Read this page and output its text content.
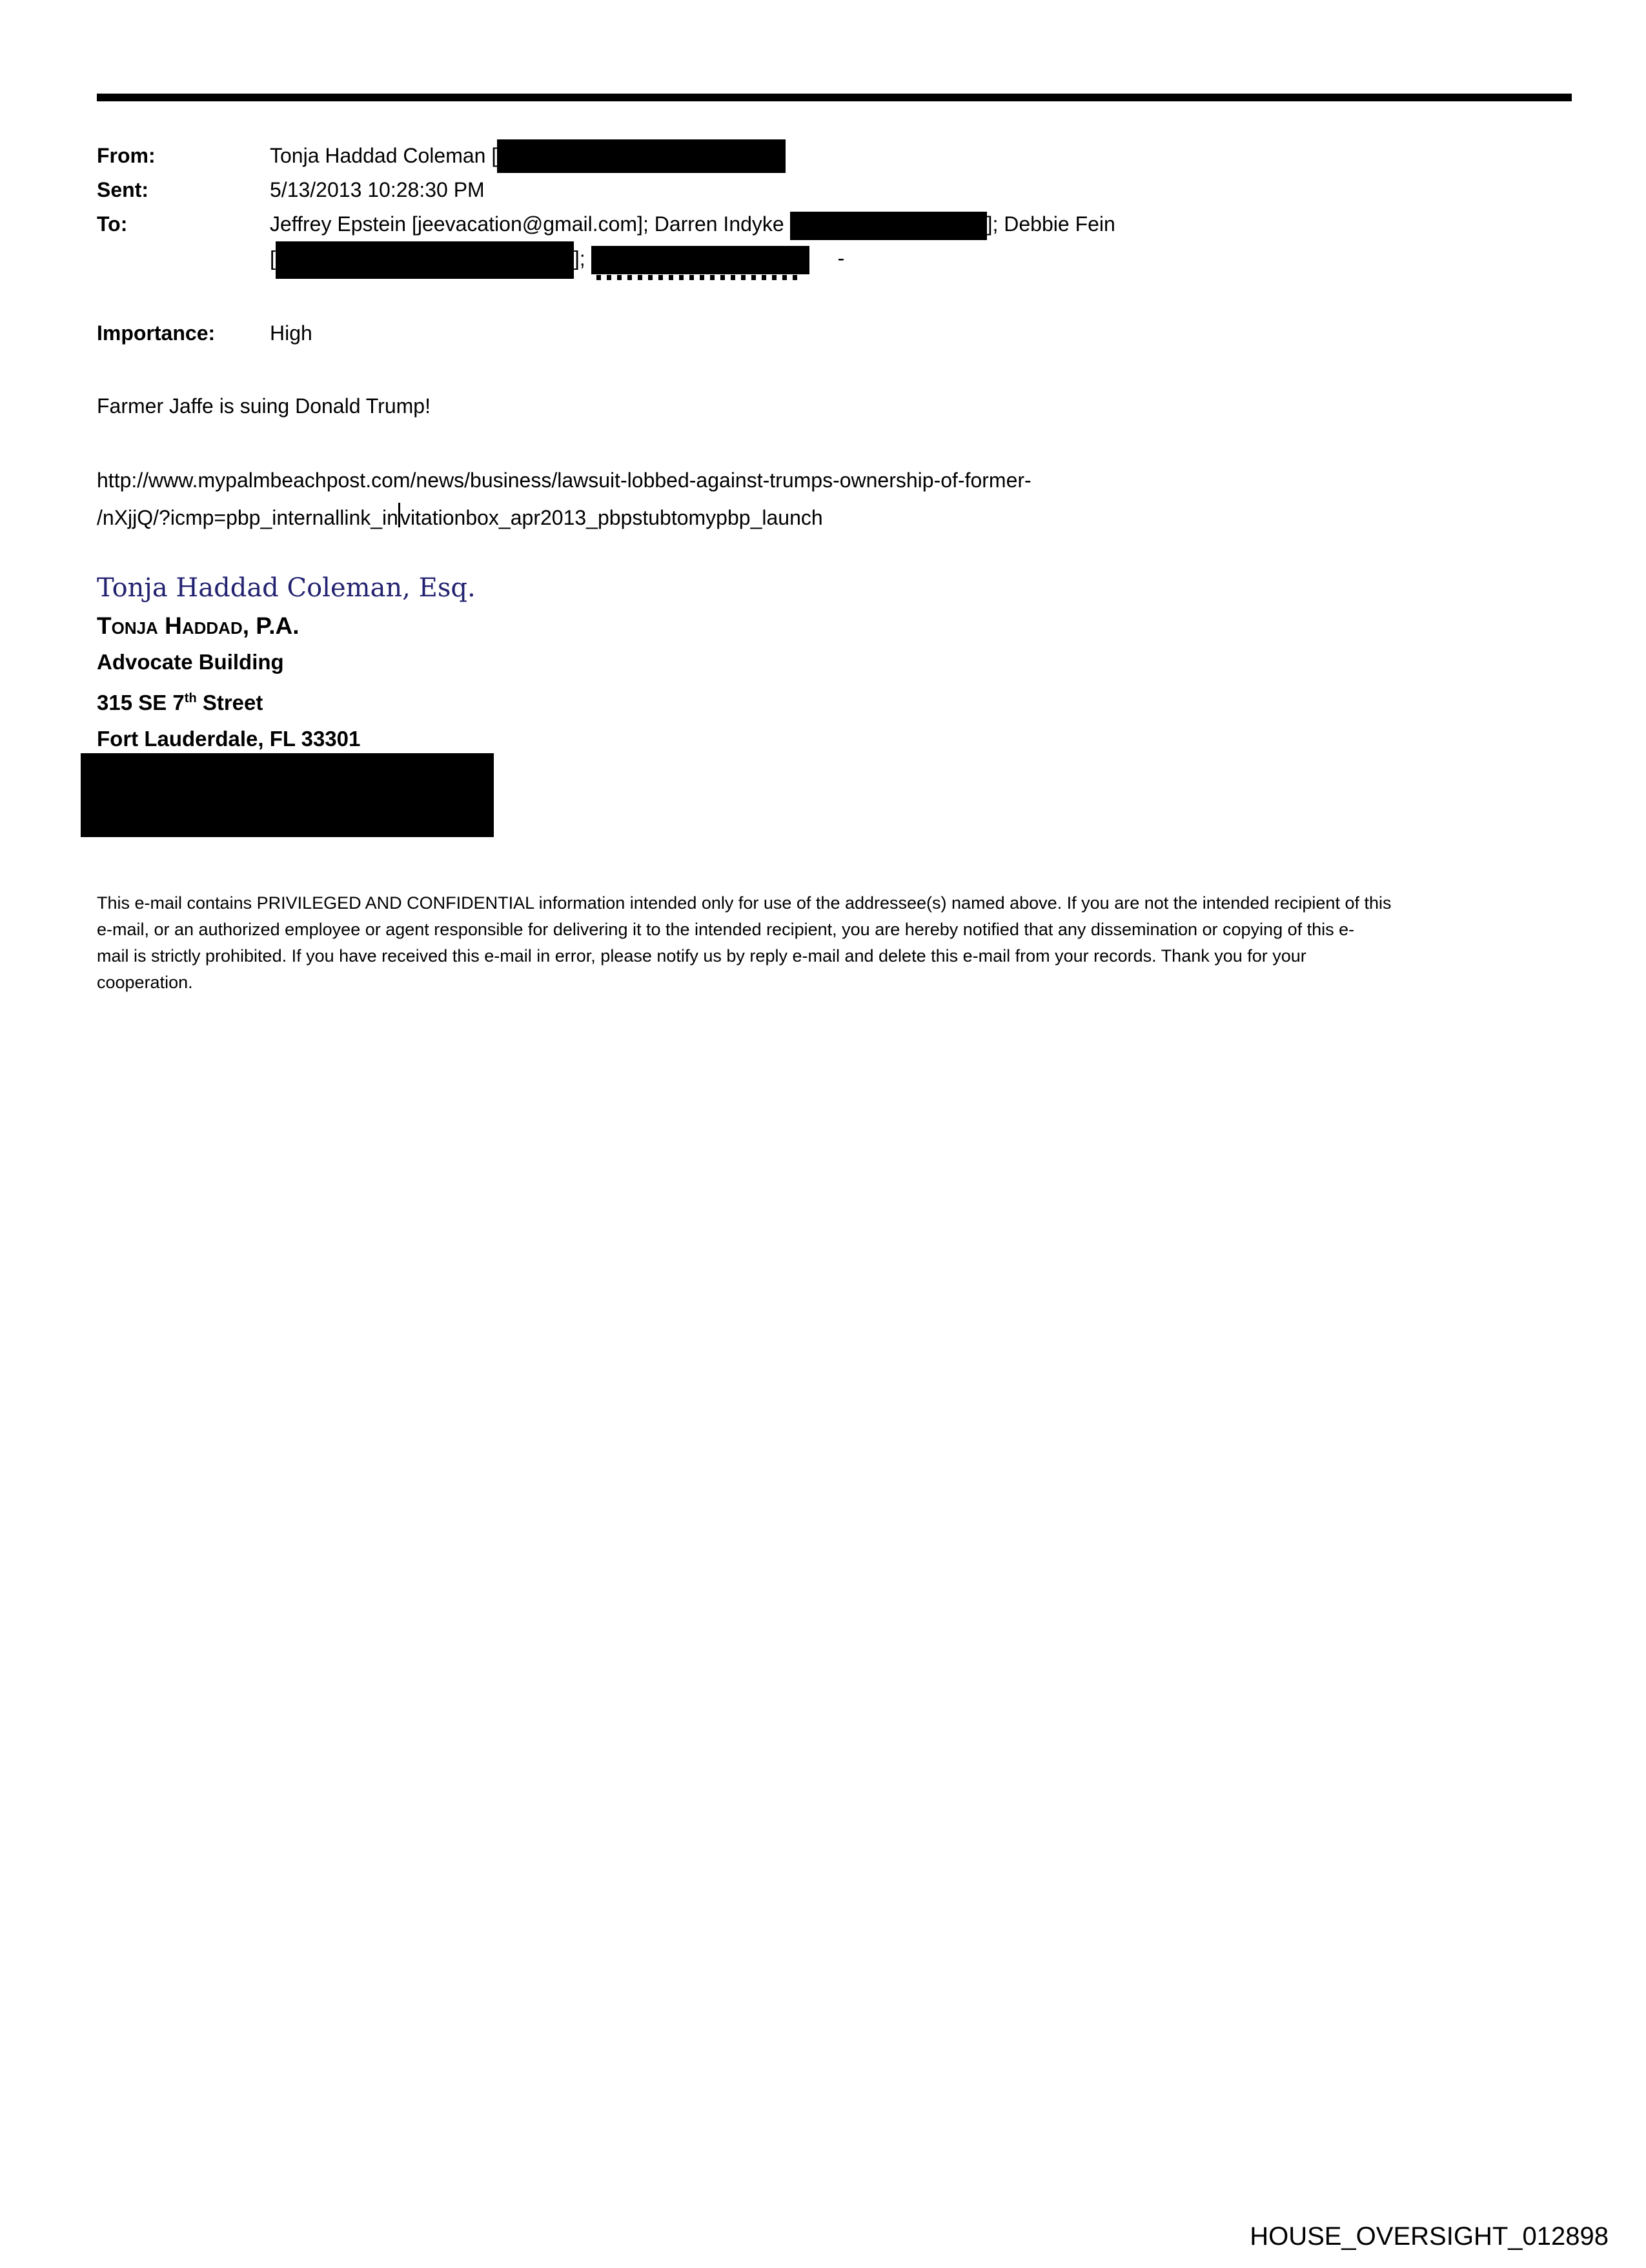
From:	Tonja Haddad Coleman [
Sent:	5/13/2013 10:28:30 PM
To:	Jeffrey Epstein [jeevacation@gmail.com]; Darren Indyke	]; Debbie Fein
[	];	-
Importance:	High
Farmer Jaffe is suing Donald Trump!
http://www.mypalmbeachpost.com/news/business/lawsuit-lobbed-against-trumps-ownership-of-former-
/nXjjQ/?icmp=pbp_internallink_invitationbox_apr2013_pbpstubtomypbp_launch
Tonja Haddad Coleman, Esq.
Tonja Haddad, P.A.
Advocate Building
315 SE 7th Street
Fort Lauderdale, FL 33301
This e-mail contains PRIVILEGED AND CONFIDENTIAL information intended only for use of the addressee(s) named above. If you are not the intended recipient of this
e-mail, or an authorized employee or agent responsible for delivering it to the intended recipient, you are hereby notified that any dissemination or copying of this e-
mail is strictly prohibited. If you have received this e-mail in error, please notify us by reply e-mail and delete this e-mail from your records. Thank you for your
cooperation.
HOUSE_OVERSIGHT_012898
